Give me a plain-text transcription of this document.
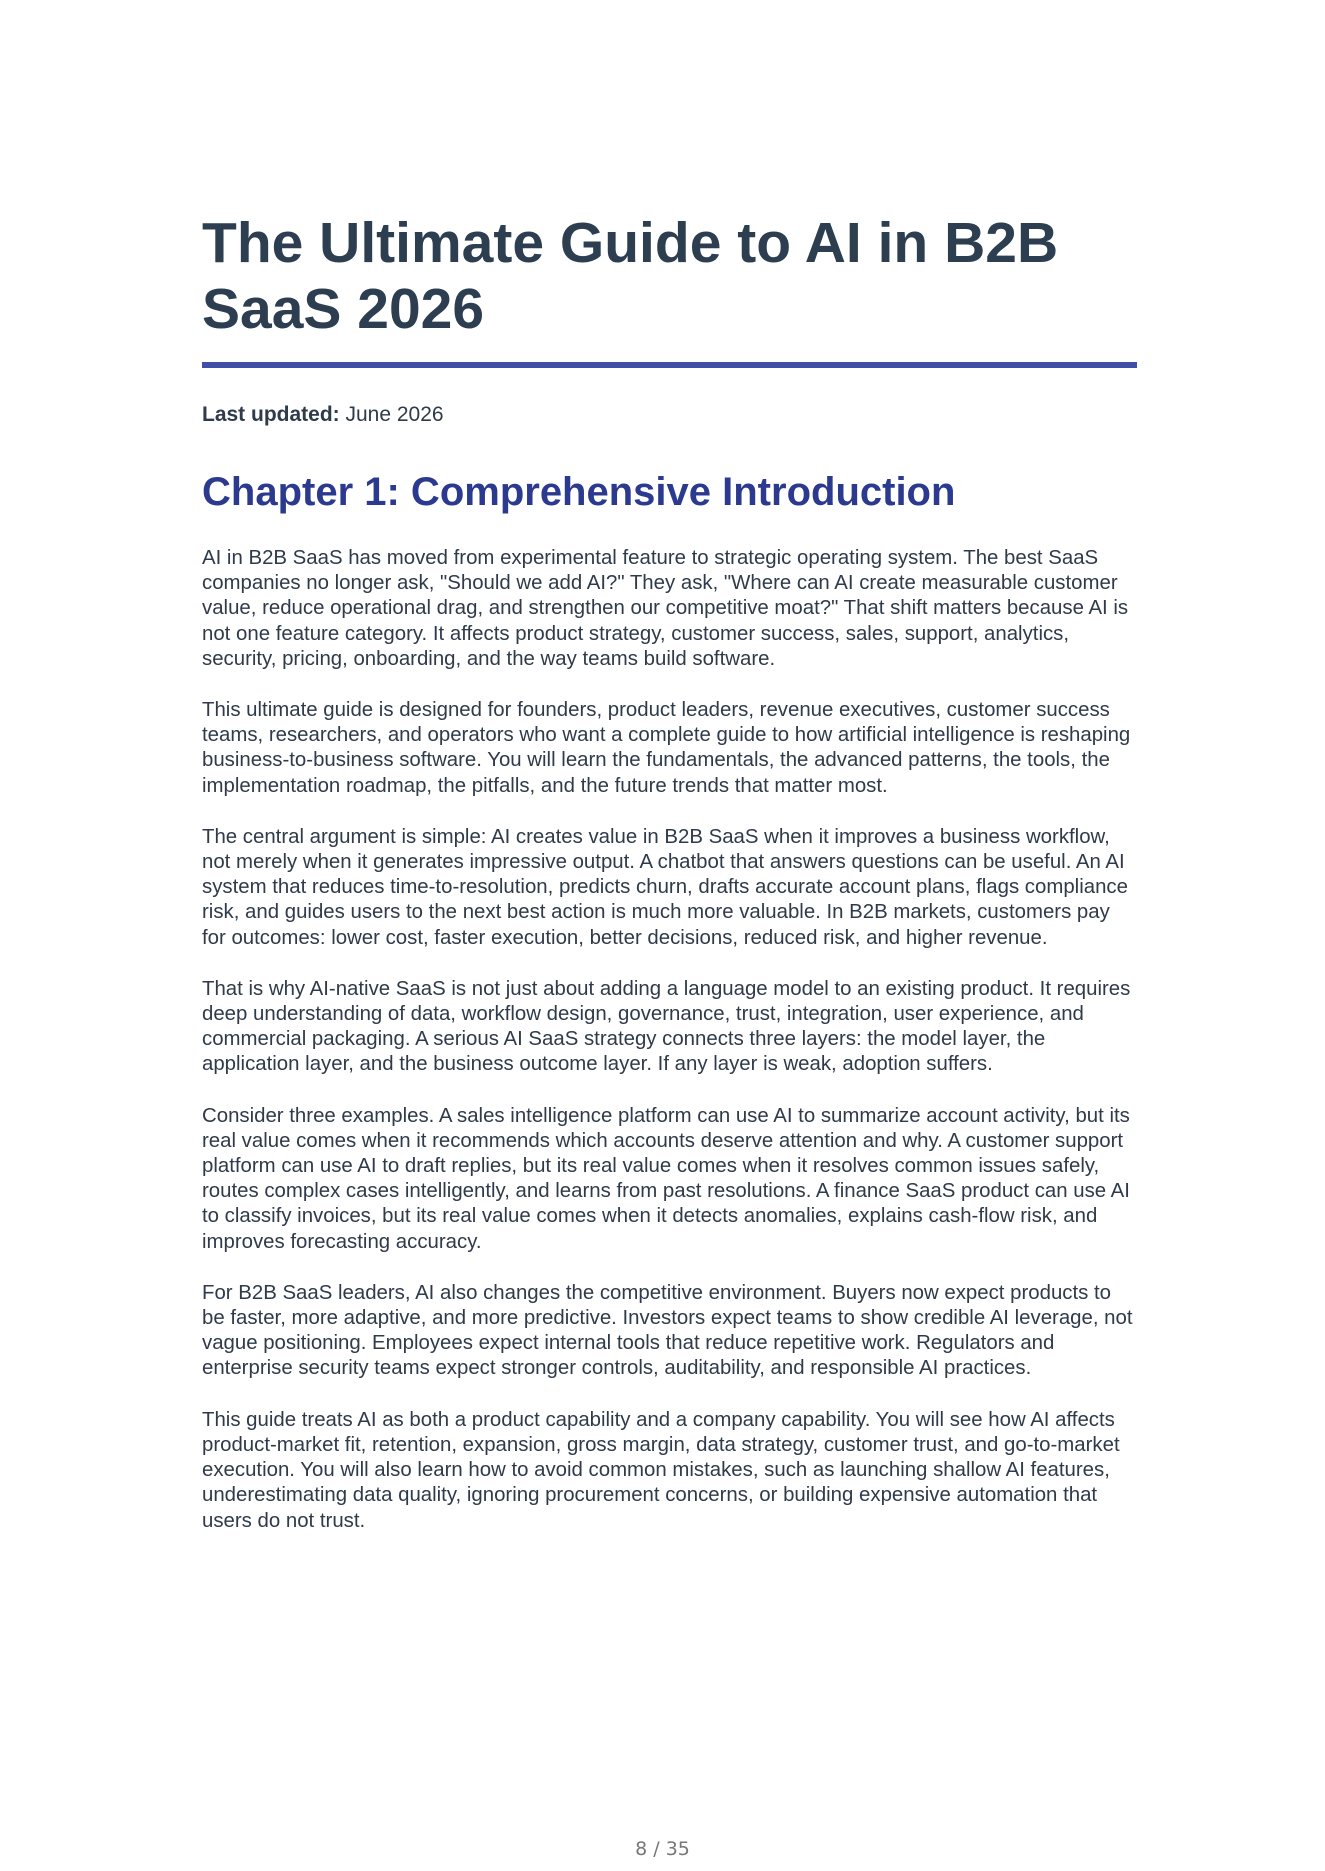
The Ultimate Guide to AI in B2B SaaS 2026
Last updated: June 2026
Chapter 1: Comprehensive Introduction

AI in B2B SaaS has moved from experimental feature to strategic operating system. The best SaaS companies no longer ask, "Should we add AI?" They ask, "Where can AI create measurable customer value, reduce operational drag, and strengthen our competitive moat?" That shift matters because AI is not one feature category. It affects product strategy, customer success, sales, support, analytics, security, pricing, onboarding, and the way teams build software.

This ultimate guide is designed for founders, product leaders, revenue executives, customer success teams, researchers, and operators who want a complete guide to how artificial intelligence is reshaping business-to-business software. You will learn the fundamentals, the advanced patterns, the tools, the implementation roadmap, the pitfalls, and the future trends that matter most.

The central argument is simple: AI creates value in B2B SaaS when it improves a business workflow, not merely when it generates impressive output. A chatbot that answers questions can be useful. An AI system that reduces time-to-resolution, predicts churn, drafts accurate account plans, flags compliance risk, and guides users to the next best action is much more valuable. In B2B markets, customers pay for outcomes: lower cost, faster execution, better decisions, reduced risk, and higher revenue.

That is why AI-native SaaS is not just about adding a language model to an existing product. It requires deep understanding of data, workflow design, governance, trust, integration, user experience, and commercial packaging. A serious AI SaaS strategy connects three layers: the model layer, the application layer, and the business outcome layer. If any layer is weak, adoption suffers.

Consider three examples. A sales intelligence platform can use AI to summarize account activity, but its real value comes when it recommends which accounts deserve attention and why. A customer support platform can use AI to draft replies, but its real value comes when it resolves common issues safely, routes complex cases intelligently, and learns from past resolutions. A finance SaaS product can use AI to classify invoices, but its real value comes when it detects anomalies, explains cash-flow risk, and improves forecasting accuracy.

For B2B SaaS leaders, AI also changes the competitive environment. Buyers now expect products to be faster, more adaptive, and more predictive. Investors expect teams to show credible AI leverage, not vague positioning. Employees expect internal tools that reduce repetitive work. Regulators and enterprise security teams expect stronger controls, auditability, and responsible AI practices.

This guide treats AI as both a product capability and a company capability. You will see how AI affects product-market fit, retention, expansion, gross margin, data strategy, customer trust, and go-to-market execution. You will also learn how to avoid common mistakes, such as launching shallow AI features, underestimating data quality, ignoring procurement concerns, or building expensive automation that users do not trust.

8 / 35
